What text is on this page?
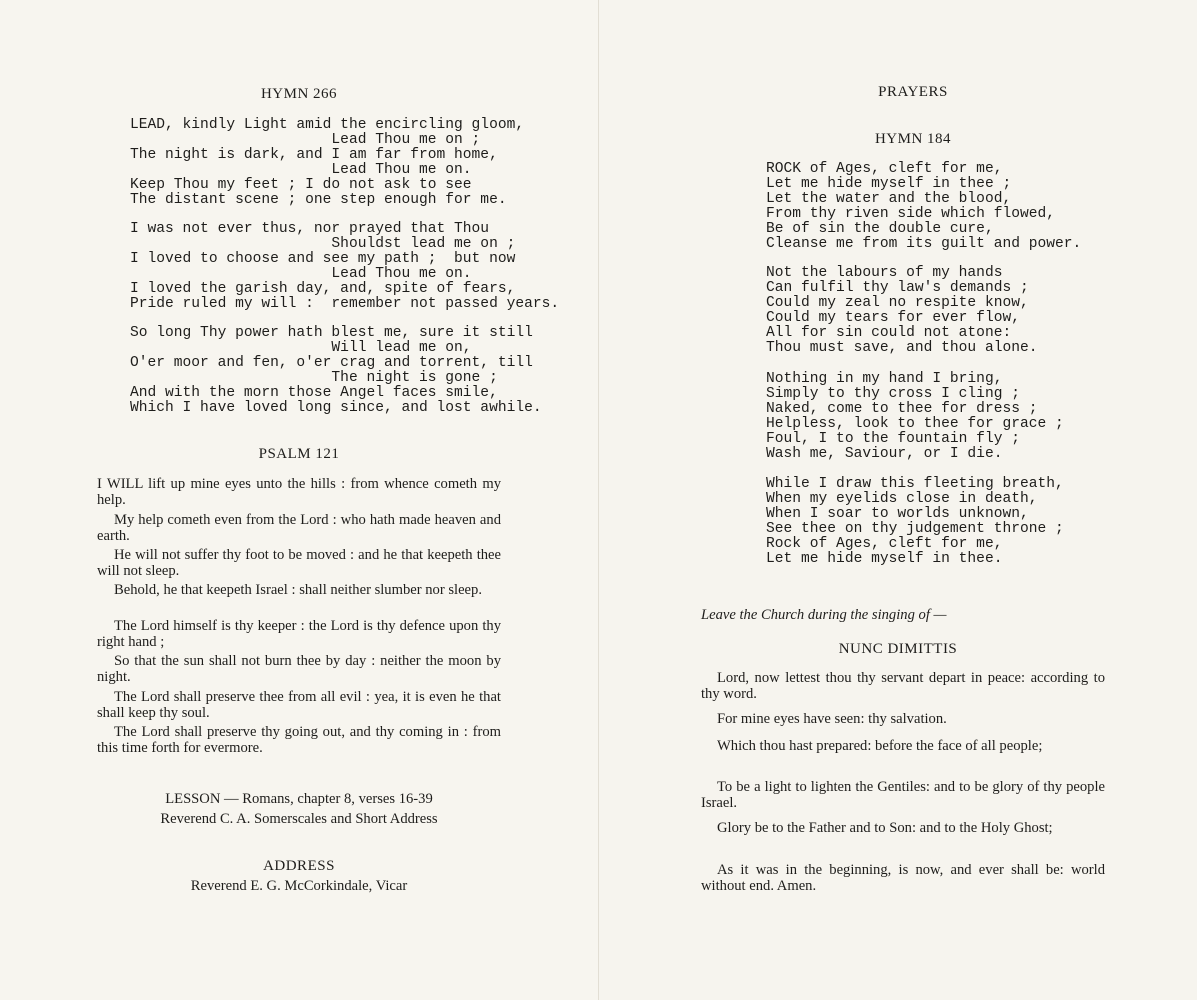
HYMN 266
LEAD, kindly Light amid the encircling gloom,
Lead Thou me on ;
The night is dark, and I am far from home,
Lead Thou me on.
Keep Thou my feet ; I do not ask to see
The distant scene ; one step enough for me.
I was not ever thus, nor prayed that Thou
Shouldst lead me on ;
I loved to choose and see my path ;  but now
Lead Thou me on.
I loved the garish day, and, spite of fears,
Pride ruled my will :  remember not passed years.
So long Thy power hath blest me, sure it still
Will lead me on,
O'er moor and fen, o'er crag and torrent, till
The night is gone ;
And with the morn those Angel faces smile,
Which I have loved long since, and lost awhile.
PSALM 121

I WILL lift up mine eyes unto the hills : from whence cometh my help.

My help cometh even from the Lord : who hath made heaven and earth.

He will not suffer thy foot to be moved : and he that keepeth thee will not sleep.

Behold, he that keepeth Israel : shall neither slumber nor sleep.

The Lord himself is thy keeper : the Lord is thy defence upon thy right hand ;

So that the sun shall not burn thee by day : neither the moon by night.

The Lord shall preserve thee from all evil : yea, it is even he that shall keep thy soul.

The Lord shall preserve thy going out, and thy coming in : from this time forth for evermore.

LESSON — Romans, chapter 8, verses 16-39
Reverend C. A. Somerscales and Short Address
ADDRESS
Reverend E. G. McCorkindale, Vicar
PRAYERS
HYMN 184
ROCK of Ages, cleft for me,
Let me hide myself in thee ;
Let the water and the blood,
From thy riven side which flowed,
Be of sin the double cure,
Cleanse me from its guilt and power.
Not the labours of my hands
Can fulfil thy law's demands ;
Could my zeal no respite know,
Could my tears for ever flow,
All for sin could not atone:
Thou must save, and thou alone.
Nothing in my hand I bring,
Simply to thy cross I cling ;
Naked, come to thee for dress ;
Helpless, look to thee for grace ;
Foul, I to the fountain fly ;
Wash me, Saviour, or I die.
While I draw this fleeting breath,
When my eyelids close in death,
When I soar to worlds unknown,
See thee on thy judgement throne ;
Rock of Ages, cleft for me,
Let me hide myself in thee.
Leave the Church during the singing of —
NUNC DIMITTIS

Lord, now lettest thou thy servant depart in peace: according to thy word.

For mine eyes have seen: thy salvation.

Which thou hast prepared: before the face of all people;

To be a light to lighten the Gentiles: and to be glory of thy people Israel.

Glory be to the Father and to Son: and to the Holy Ghost;

As it was in the beginning, is now, and ever shall be: world without end. Amen.
